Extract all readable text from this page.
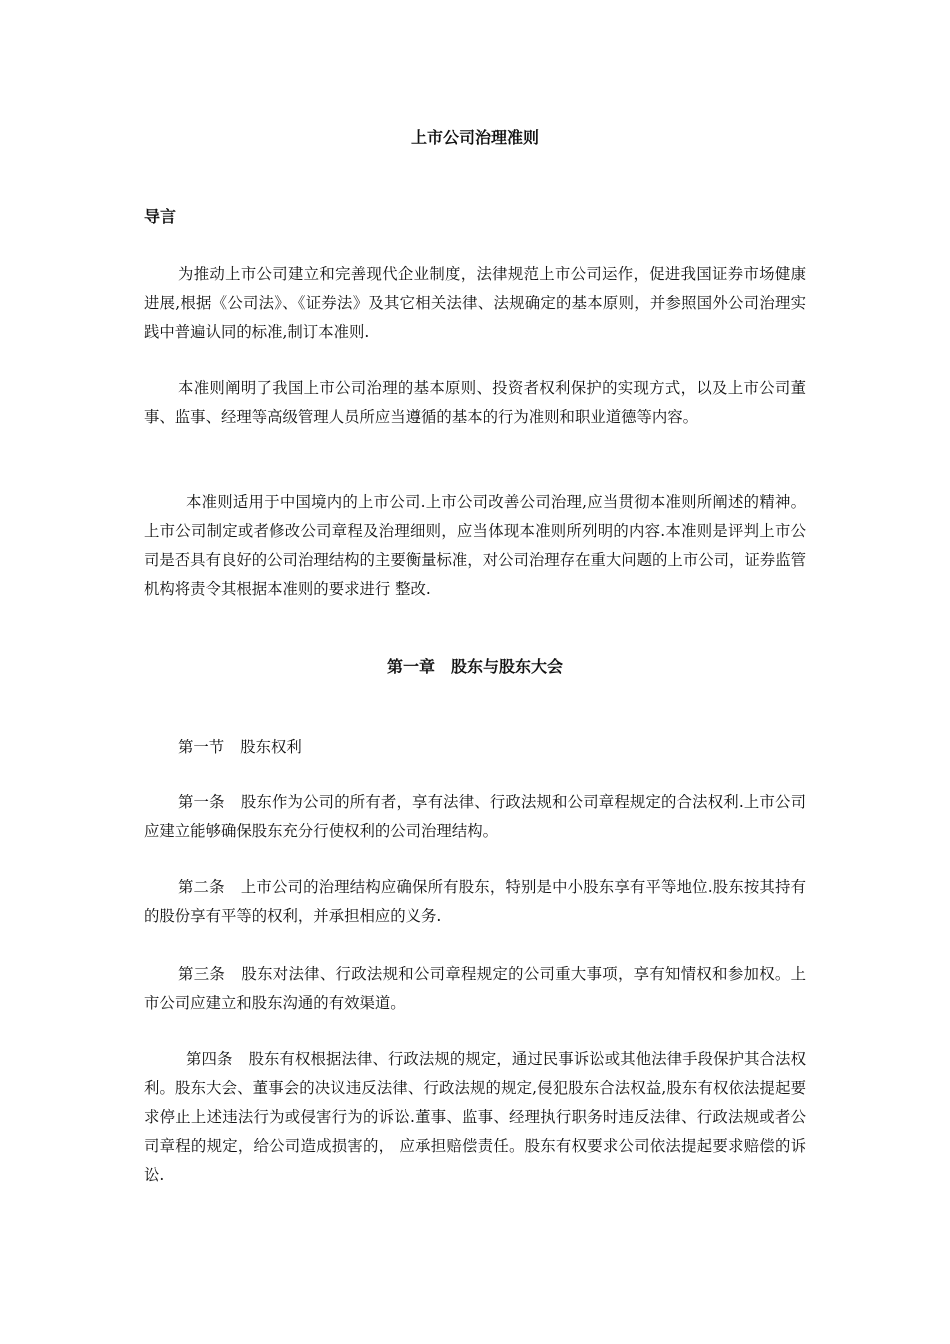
上市公司治理准则
导言

为推动上市公司建立和完善现代企业制度，法律规范上市公司运作，促进我国证券市场健康进展,根据《公司法》、《证券法》及其它相关法律、法规确定的基本原则，并参照国外公司治理实践中普遍认同的标准,制订本准则.

本准则阐明了我国上市公司治理的基本原则、投资者权利保护的实现方式，以及上市公司董事、监事、经理等高级管理人员所应当遵循的基本的行为准则和职业道德等内容。

本准则适用于中国境内的上市公司.上市公司改善公司治理,应当贯彻本准则所阐述的精神。上市公司制定或者修改公司章程及治理细则，应当体现本准则所列明的内容.本准则是评判上市公司是否具有良好的公司治理结构的主要衡量标准，对公司治理存在重大问题的上市公司，证券监管机构将责令其根据本准则的要求进行 整改.

第一章 股东与股东大会
第一节 股东权利

第一条 股东作为公司的所有者，享有法律、行政法规和公司章程规定的合法权利.上市公司应建立能够确保股东充分行使权利的公司治理结构。

第二条 上市公司的治理结构应确保所有股东，特别是中小股东享有平等地位.股东按其持有的股份享有平等的权利，并承担相应的义务.

第三条 股东对法律、行政法规和公司章程规定的公司重大事项，享有知情权和参加权。上市公司应建立和股东沟通的有效渠道。

第四条 股东有权根据法律、行政法规的规定，通过民事诉讼或其他法律手段保护其合法权利。股东大会、董事会的决议违反法律、行政法规的规定,侵犯股东合法权益,股东有权依法提起要求停止上述违法行为或侵害行为的诉讼.董事、监事、经理执行职务时违反法律、行政法规或者公司章程的规定，给公司造成损害的， 应承担赔偿责任。股东有权要求公司依法提起要求赔偿的诉讼.
